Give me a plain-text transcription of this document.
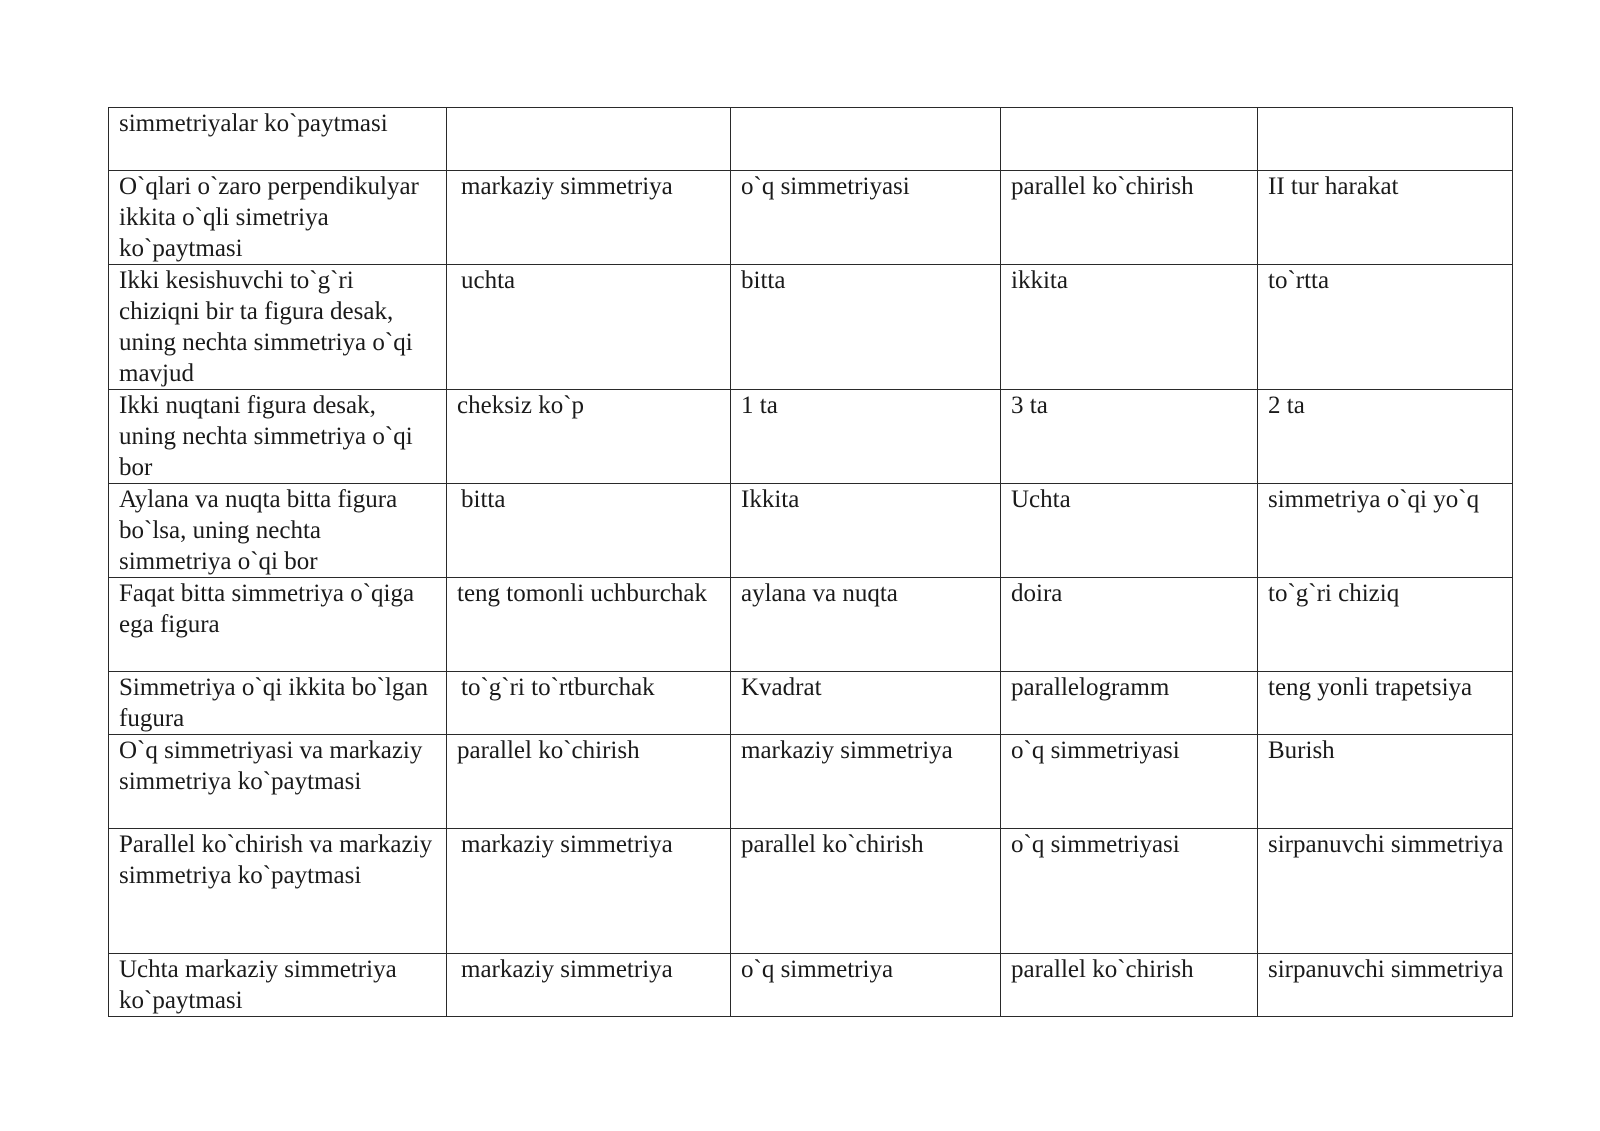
simmetriyalar ko`paytmasi				

O`qlari o`zaro perpendikulyar ikkita o`qli simetriya ko`paytmasi	markaziy simmetriya	o`q simmetriyasi	parallel ko`chirish	II tur harakat

Ikki kesishuvchi to`g`ri chiziqni bir ta figura desak, uning nechta simmetriya o`qi mavjud	uchta	bitta	ikkita	to`rtta

Ikki nuqtani figura desak, uning nechta simmetriya o`qi bor	cheksiz ko`p	1 ta	3 ta	2 ta

Aylana va nuqta bitta figura bo`lsa, uning nechta simmetriya o`qi bor	bitta	Ikkita	Uchta	simmetriya o`qi yo`q

Faqat bitta simmetriya o`qiga ega figura	teng tomonli uchburchak	aylana va nuqta	doira	to`g`ri chiziq

Simmetriya o`qi ikkita bo`lgan fugura	to`g`ri to`rtburchak	Kvadrat	parallelogramm	teng yonli trapetsiya

O`q simmetriyasi va markaziy simmetriya ko`paytmasi	parallel ko`chirish	markaziy simmetriya	o`q simmetriyasi	Burish

Parallel ko`chirish va markaziy simmetriya ko`paytmasi	markaziy simmetriya	parallel ko`chirish	o`q simmetriyasi	sirpanuvchi simmetriya

Uchta markaziy simmetriya ko`paytmasi	markaziy simmetriya	o`q simmetriya	parallel ko`chirish	sirpanuvchi simmetriya
